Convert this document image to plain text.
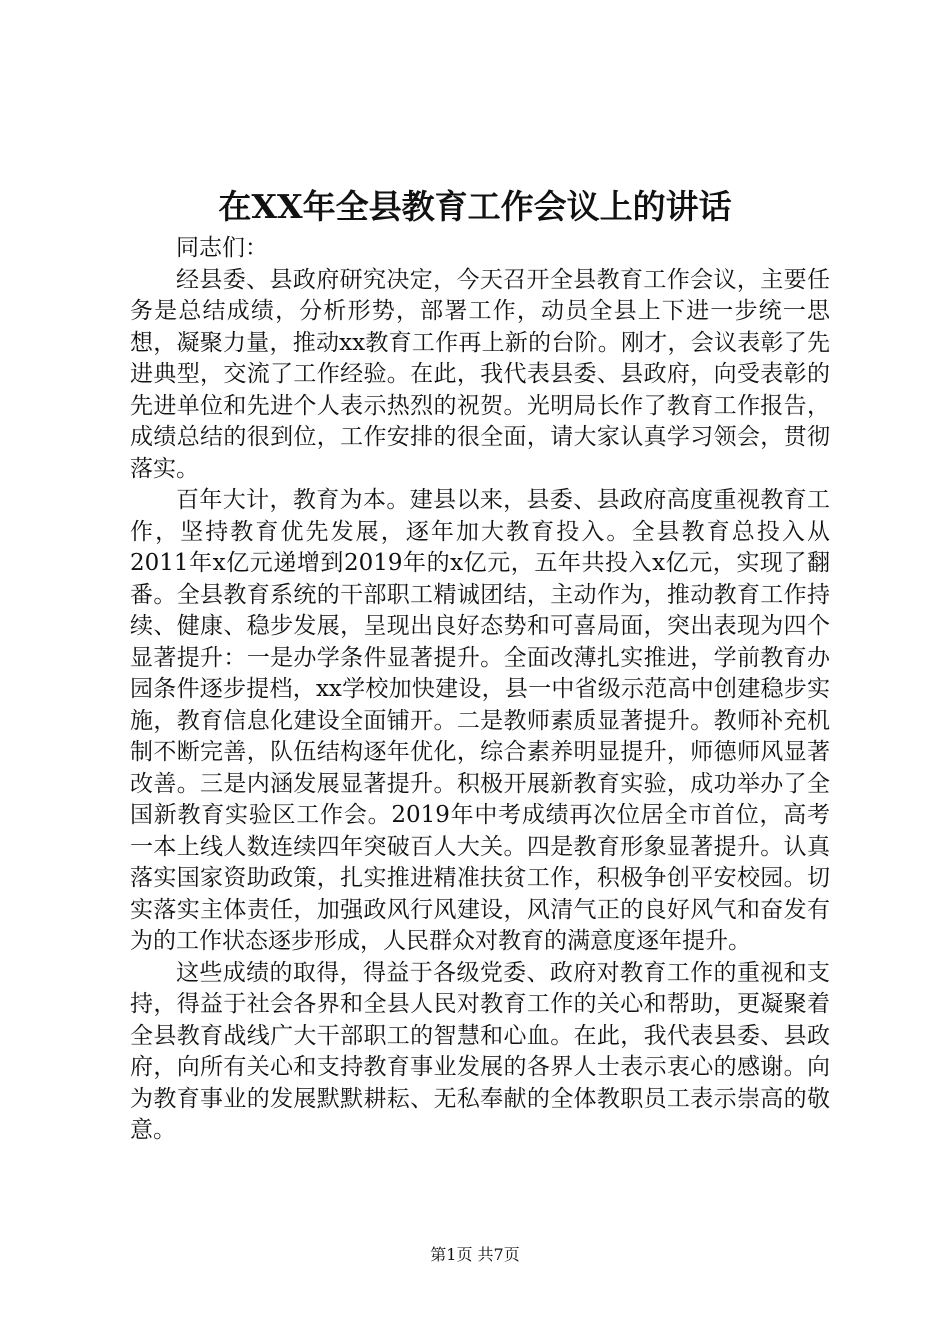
在XX年全县教育工作会议上的讲话

同志们：

经县委、县政府研究决定，今天召开全县教育工作会议，主要任务是总结成绩，分析形势，部署工作，动员全县上下进一步统一思想，凝聚力量，推动xx教育工作再上新的台阶。刚才，会议表彰了先进典型，交流了工作经验。在此，我代表县委、县政府，向受表彰的先进单位和先进个人表示热烈的祝贺。光明局长作了教育工作报告，成绩总结的很到位，工作安排的很全面，请大家认真学习领会，贯彻落实。

百年大计，教育为本。建县以来，县委、县政府高度重视教育工作，坚持教育优先发展，逐年加大教育投入。全县教育总投入从2011年x亿元递增到2019年的x亿元，五年共投入x亿元，实现了翻番。全县教育系统的干部职工精诚团结，主动作为，推动教育工作持续、健康、稳步发展，呈现出良好态势和可喜局面，突出表现为四个显著提升：一是办学条件显著提升。全面改薄扎实推进，学前教育办园条件逐步提档，xx学校加快建设，县一中省级示范高中创建稳步实施，教育信息化建设全面铺开。二是教师素质显著提升。教师补充机制不断完善，队伍结构逐年优化，综合素养明显提升，师德师风显著改善。三是内涵发展显著提升。积极开展新教育实验，成功举办了全国新教育实验区工作会。2019年中考成绩再次位居全市首位，高考一本上线人数连续四年突破百人大关。四是教育形象显著提升。认真落实国家资助政策，扎实推进精准扶贫工作，积极争创平安校园。切实落实主体责任，加强政风行风建设，风清气正的良好风气和奋发有为的工作状态逐步形成，人民群众对教育的满意度逐年提升。

这些成绩的取得，得益于各级党委、政府对教育工作的重视和支持，得益于社会各界和全县人民对教育工作的关心和帮助，更凝聚着全县教育战线广大干部职工的智慧和心血。在此，我代表县委、县政府，向所有关心和支持教育事业发展的各界人士表示衷心的感谢。向为教育事业的发展默默耕耘、无私奉献的全体教职员工表示崇高的敬意。

第1页 共7页
